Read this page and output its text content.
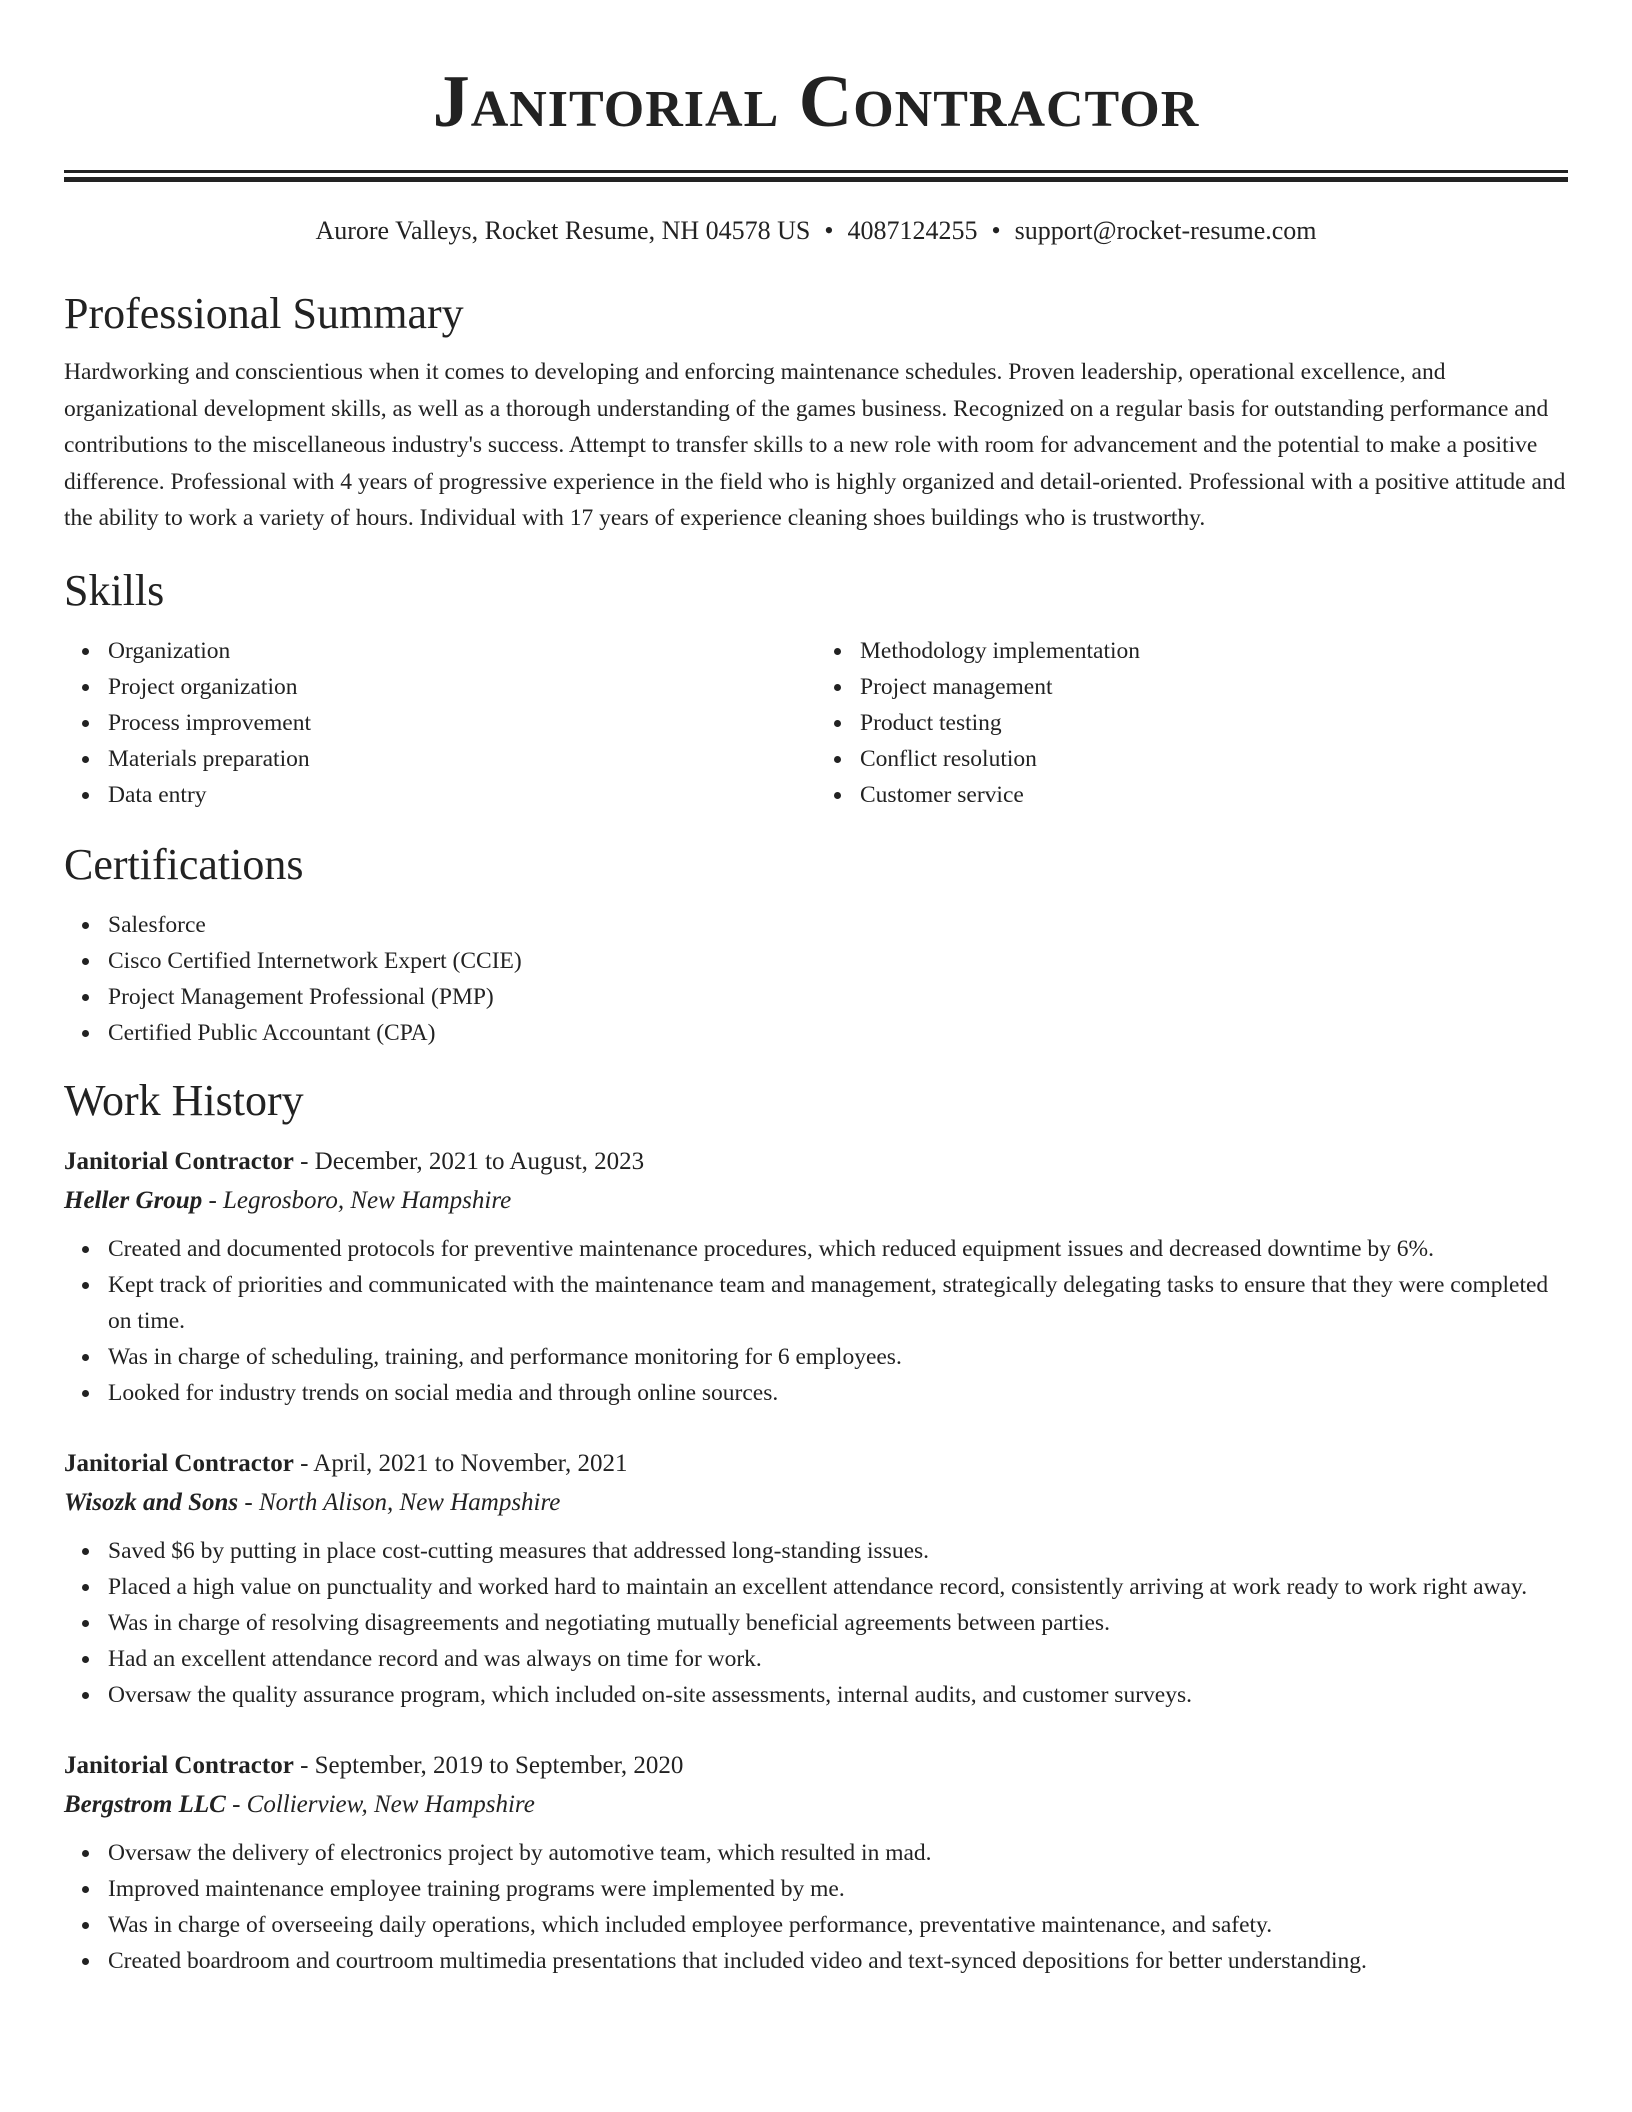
Janitorial Contractor
Aurore Valleys, Rocket Resume, NH 04578 US • 4087124255 • support@rocket-resume.com
Professional Summary

Hardworking and conscientious when it comes to developing and enforcing maintenance schedules. Proven leadership, operational excellence, and organizational development skills, as well as a thorough understanding of the games business. Recognized on a regular basis for outstanding performance and contributions to the miscellaneous industry's success. Attempt to transfer skills to a new role with room for advancement and the potential to make a positive difference. Professional with 4 years of progressive experience in the field who is highly organized and detail-oriented. Professional with a positive attitude and the ability to work a variety of hours. Individual with 17 years of experience cleaning shoes buildings who is trustworthy.

Skills
Organization
Project organization
Process improvement
Materials preparation
Data entry
Methodology implementation
Project management
Product testing
Conflict resolution
Customer service
Certifications
Salesforce
Cisco Certified Internetwork Expert (CCIE)
Project Management Professional (PMP)
Certified Public Accountant (CPA)
Work History
Janitorial Contractor - December, 2021 to August, 2023
Heller Group - Legrosboro, New Hampshire
Created and documented protocols for preventive maintenance procedures, which reduced equipment issues and decreased downtime by 6%.
Kept track of priorities and communicated with the maintenance team and management, strategically delegating tasks to ensure that they were completed on time.
Was in charge of scheduling, training, and performance monitoring for 6 employees.
Looked for industry trends on social media and through online sources.
Janitorial Contractor - April, 2021 to November, 2021
Wisozk and Sons - North Alison, New Hampshire
Saved $6 by putting in place cost-cutting measures that addressed long-standing issues.
Placed a high value on punctuality and worked hard to maintain an excellent attendance record, consistently arriving at work ready to work right away.
Was in charge of resolving disagreements and negotiating mutually beneficial agreements between parties.
Had an excellent attendance record and was always on time for work.
Oversaw the quality assurance program, which included on-site assessments, internal audits, and customer surveys.
Janitorial Contractor - September, 2019 to September, 2020
Bergstrom LLC - Collierview, New Hampshire
Oversaw the delivery of electronics project by automotive team, which resulted in mad.
Improved maintenance employee training programs were implemented by me.
Was in charge of overseeing daily operations, which included employee performance, preventative maintenance, and safety.
Created boardroom and courtroom multimedia presentations that included video and text-synced depositions for better understanding.
